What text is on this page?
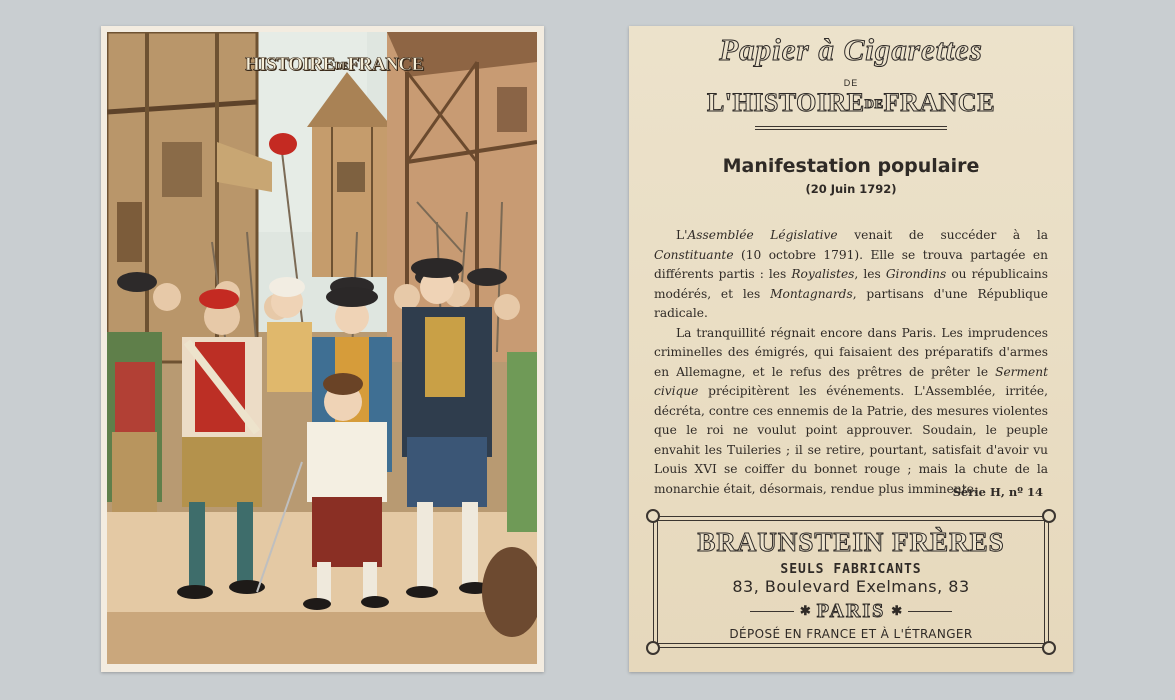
HISTOIREDEFRANCE	Papier à Cigarettes
DE
L'HISTOIREDEFRANCE
Manifestation populaire
(20 Juin 1792)

L'Assemblée Législative venait de succéder à la Constituante (10 octobre 1791). Elle se trouva partagée en différents partis : les Royalistes, les Girondins ou républicains modérés, et les Montagnards, partisans d'une République radicale.

La tranquillité régnait encore dans Paris. Les imprudences criminelles des émigrés, qui faisaient des préparatifs d'armes en Allemagne, et le refus des prêtres de prêter le Serment civique précipitèrent les événements. L'Assemblée, irritée, décréta, contre ces ennemis de la Patrie, des mesures violentes que le roi ne voulut point approuver. Soudain, le peuple envahit les Tuileries ; il se retire, pourtant, satisfait d'avoir vu Louis XVI se coiffer du bonnet rouge ; mais la chute de la monarchie était, désormais, rendue plus imminente.

Série H, nº 14
BRAUNSTEIN FRÈRES
SEULS FABRICANTS
83, Boulevard Exelmans, 83
✱ PARIS ✱
DÉPOSÉ EN FRANCE ET À L'ÉTRANGER
